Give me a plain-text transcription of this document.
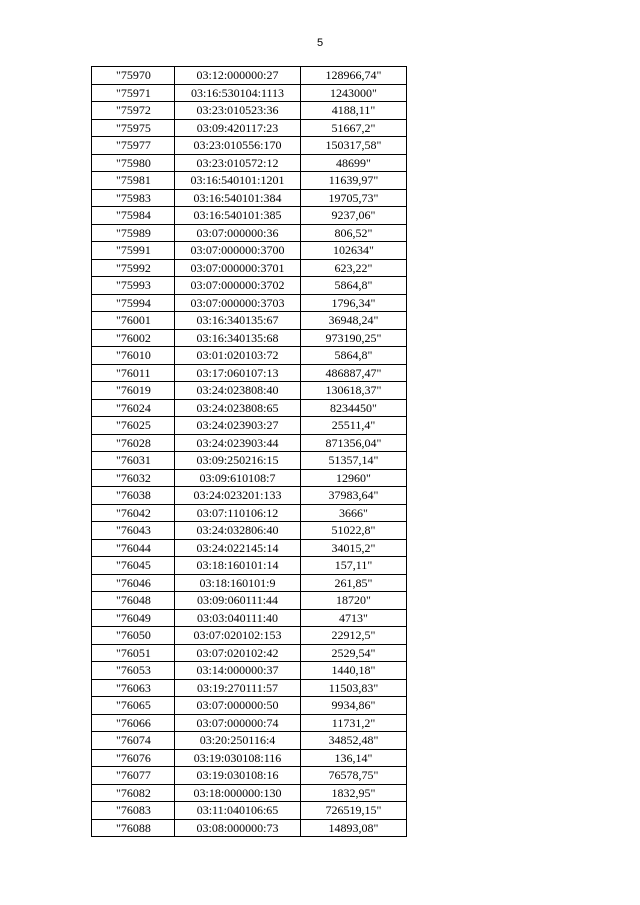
5
"75970	03:12:000000:27	128966,74"
"75971	03:16:530104:1113	1243000"
"75972	03:23:010523:36	4188,11"
"75975	03:09:420117:23	51667,2"
"75977	03:23:010556:170	150317,58"
"75980	03:23:010572:12	48699"
"75981	03:16:540101:1201	11639,97"
"75983	03:16:540101:384	19705,73"
"75984	03:16:540101:385	9237,06"
"75989	03:07:000000:36	806,52"
"75991	03:07:000000:3700	102634"
"75992	03:07:000000:3701	623,22"
"75993	03:07:000000:3702	5864,8"
"75994	03:07:000000:3703	1796,34"
"76001	03:16:340135:67	36948,24"
"76002	03:16:340135:68	973190,25"
"76010	03:01:020103:72	5864,8"
"76011	03:17:060107:13	486887,47"
"76019	03:24:023808:40	130618,37"
"76024	03:24:023808:65	8234450"
"76025	03:24:023903:27	25511,4"
"76028	03:24:023903:44	871356,04"
"76031	03:09:250216:15	51357,14"
"76032	03:09:610108:7	12960"
"76038	03:24:023201:133	37983,64"
"76042	03:07:110106:12	3666"
"76043	03:24:032806:40	51022,8"
"76044	03:24:022145:14	34015,2"
"76045	03:18:160101:14	157,11"
"76046	03:18:160101:9	261,85"
"76048	03:09:060111:44	18720"
"76049	03:03:040111:40	4713"
"76050	03:07:020102:153	22912,5"
"76051	03:07:020102:42	2529,54"
"76053	03:14:000000:37	1440,18"
"76063	03:19:270111:57	11503,83"
"76065	03:07:000000:50	9934,86"
"76066	03:07:000000:74	11731,2"
"76074	03:20:250116:4	34852,48"
"76076	03:19:030108:116	136,14"
"76077	03:19:030108:16	76578,75"
"76082	03:18:000000:130	1832,95"
"76083	03:11:040106:65	726519,15"
"76088	03:08:000000:73	14893,08"
